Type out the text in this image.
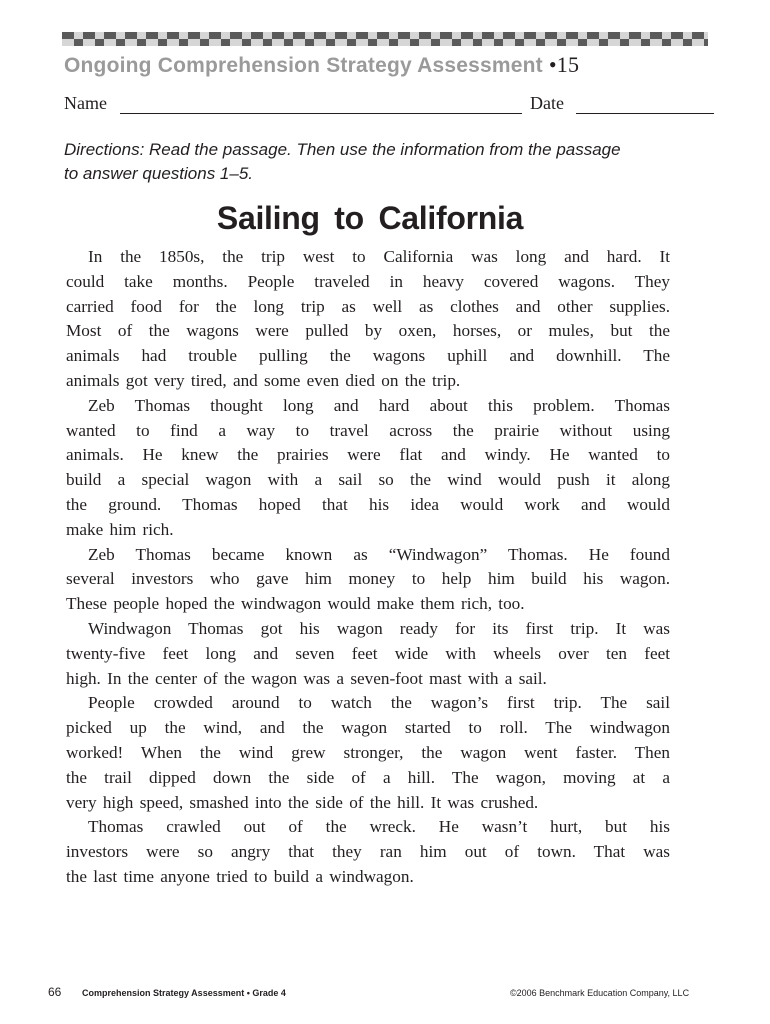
Ongoing Comprehension Strategy Assessment •15
Name	Date
Directions: Read the passage. Then use the information from the passage
to answer questions 1–5.
Sailing to California
In the 1850s, the trip west to California was long and hard. It
could take months. People traveled in heavy covered wagons. They
carried food for the long trip as well as clothes and other supplies.
Most of the wagons were pulled by oxen, horses, or mules, but the
animals had trouble pulling the wagons uphill and downhill. The
animals got very tired, and some even died on the trip.
Zeb Thomas thought long and hard about this problem. Thomas
wanted to find a way to travel across the prairie without using
animals. He knew the prairies were flat and windy. He wanted to
build a special wagon with a sail so the wind would push it along
the ground. Thomas hoped that his idea would work and would
make him rich.
Zeb Thomas became known as “Windwagon” Thomas. He found
several investors who gave him money to help him build his wagon.
These people hoped the windwagon would make them rich, too.
Windwagon Thomas got his wagon ready for its first trip. It was
twenty-five feet long and seven feet wide with wheels over ten feet
high. In the center of the wagon was a seven-foot mast with a sail.
People crowded around to watch the wagon’s first trip. The sail
picked up the wind, and the wagon started to roll. The windwagon
worked! When the wind grew stronger, the wagon went faster. Then
the trail dipped down the side of a hill. The wagon, moving at a
very high speed, smashed into the side of the hill. It was crushed.
Thomas crawled out of the wreck. He wasn’t hurt, but his
investors were so angry that they ran him out of town. That was
the last time anyone tried to build a windwagon.
66 Comprehension Strategy Assessment • Grade 4	©2006 Benchmark Education Company, LLC
